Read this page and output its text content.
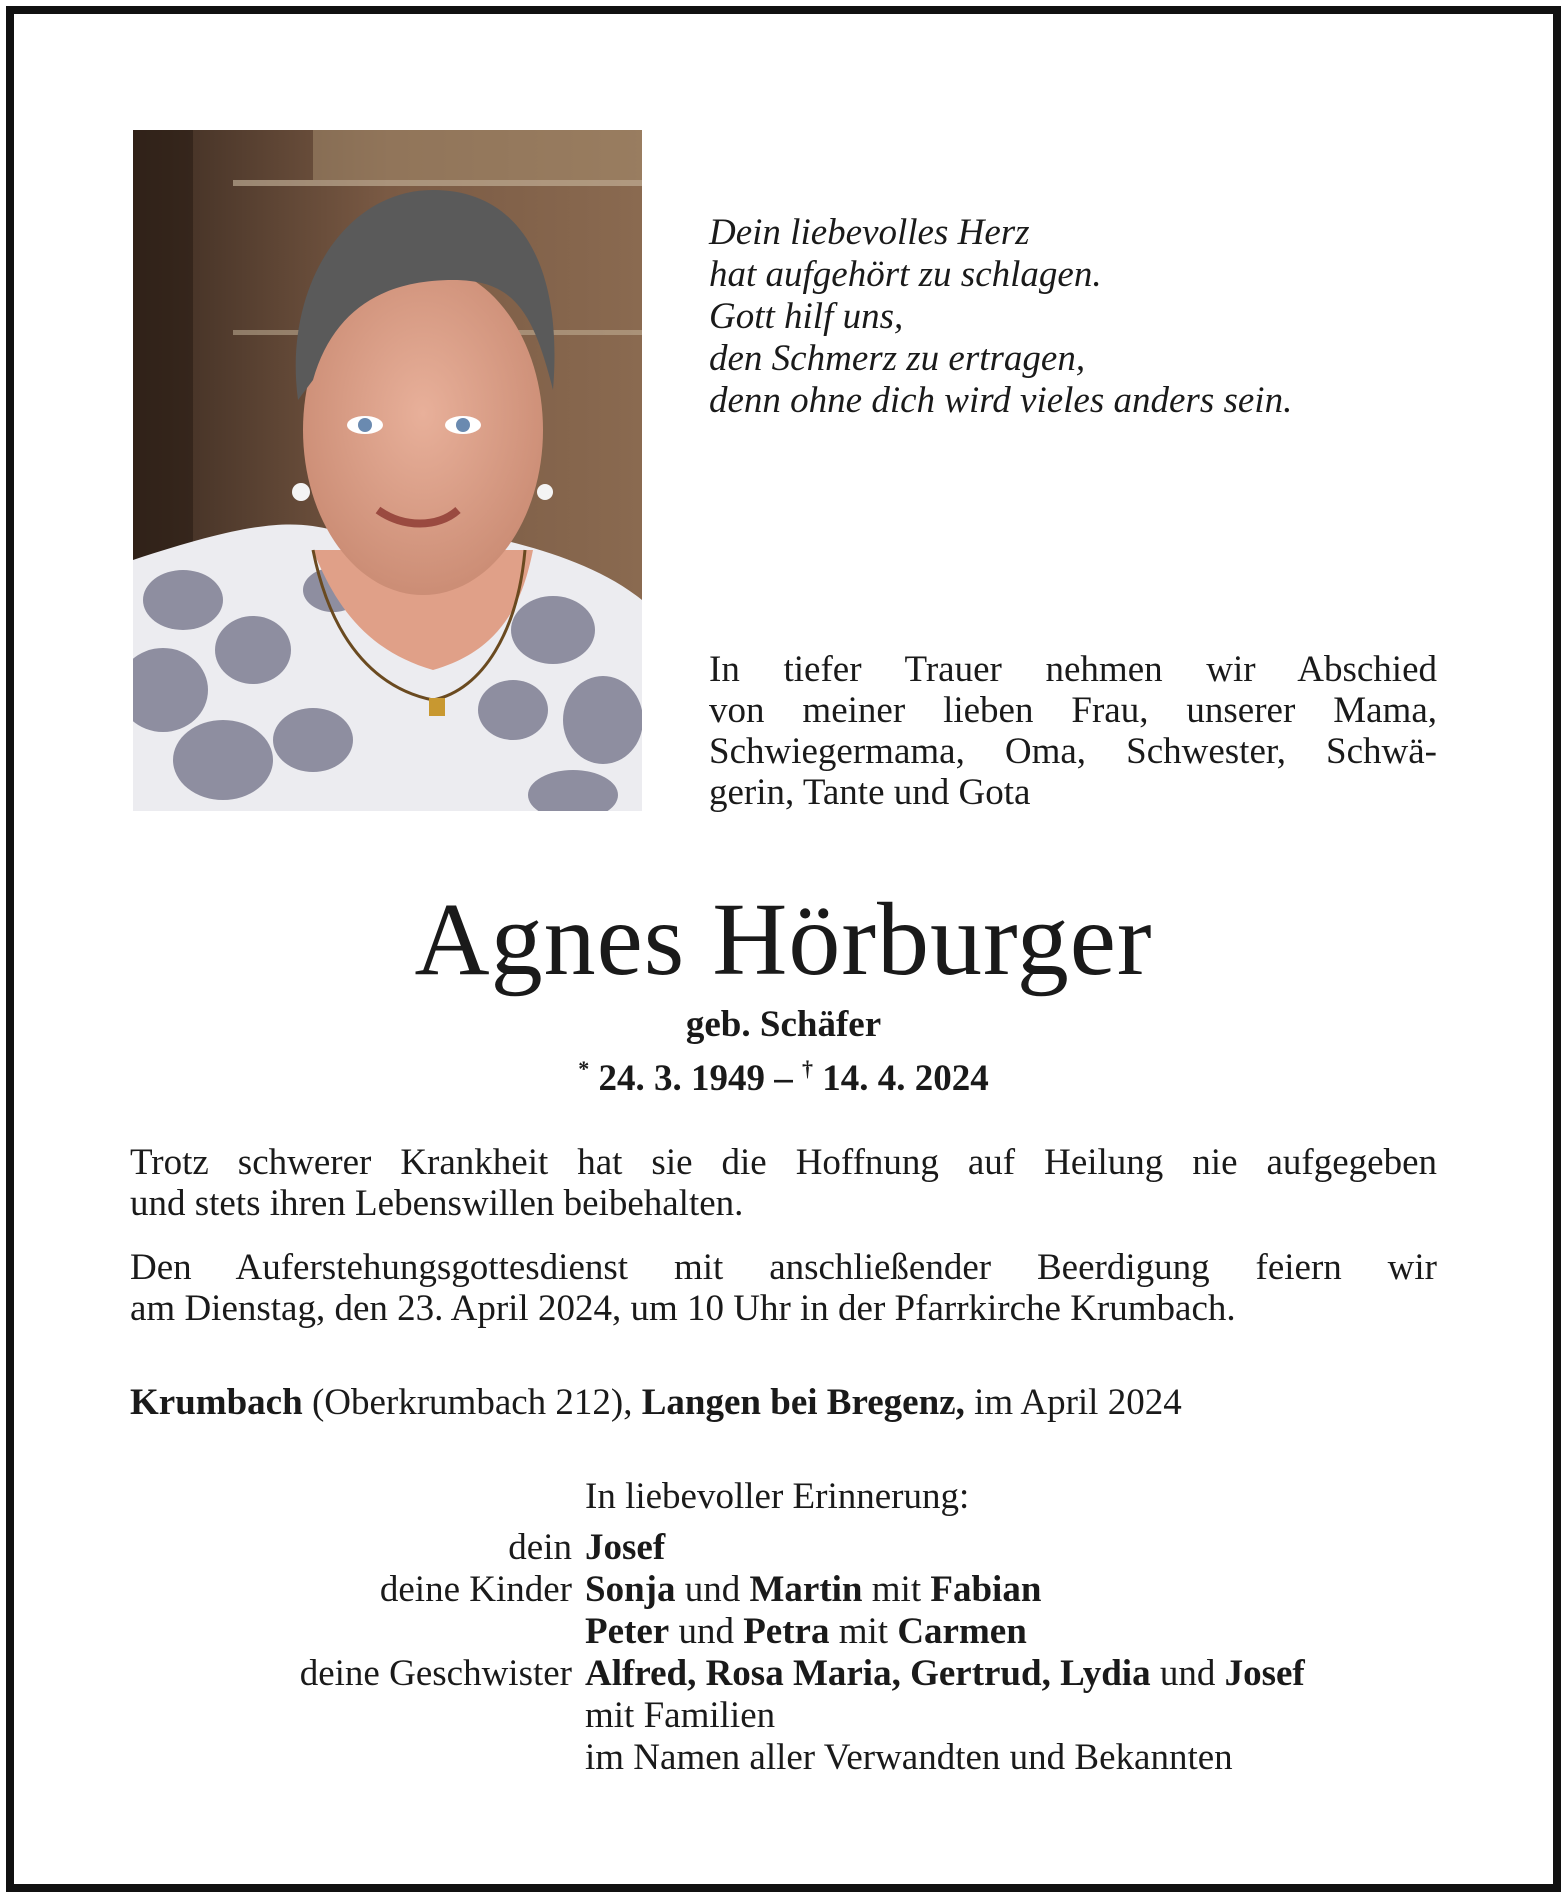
Dein liebevolles Herz
hat aufgehört zu schlagen.
Gott hilf uns,
den Schmerz zu ertragen,
denn ohne dich wird vieles anders sein.
In tiefer Trauer nehmen wir Abschied
von meiner lieben Frau, unserer Mama,
Schwiegermama, Oma, Schwester, Schwä-
gerin, Tante und Gota
Agnes Hörburger
geb. Schäfer
* 24. 3. 1949 – † 14. 4. 2024
Trotz schwerer Krankheit hat sie die Hoffnung auf Heilung nie aufgegeben
und stets ihren Lebenswillen beibehalten.
Den Auferstehungsgottesdienst mit anschließender Beerdigung feiern wir
am Dienstag, den 23. April 2024, um 10 Uhr in der Pfarrkirche Krumbach.
Krumbach (Oberkrumbach 212), Langen bei Bregenz, im April 2024
In liebevoller Erinnerung:
dein Josef
deine Kinder Sonja und Martin mit Fabian
Peter und Petra mit Carmen
deine Geschwister Alfred, Rosa Maria, Gertrud, Lydia und Josef
mit Familien
im Namen aller Verwandten und Bekannten
